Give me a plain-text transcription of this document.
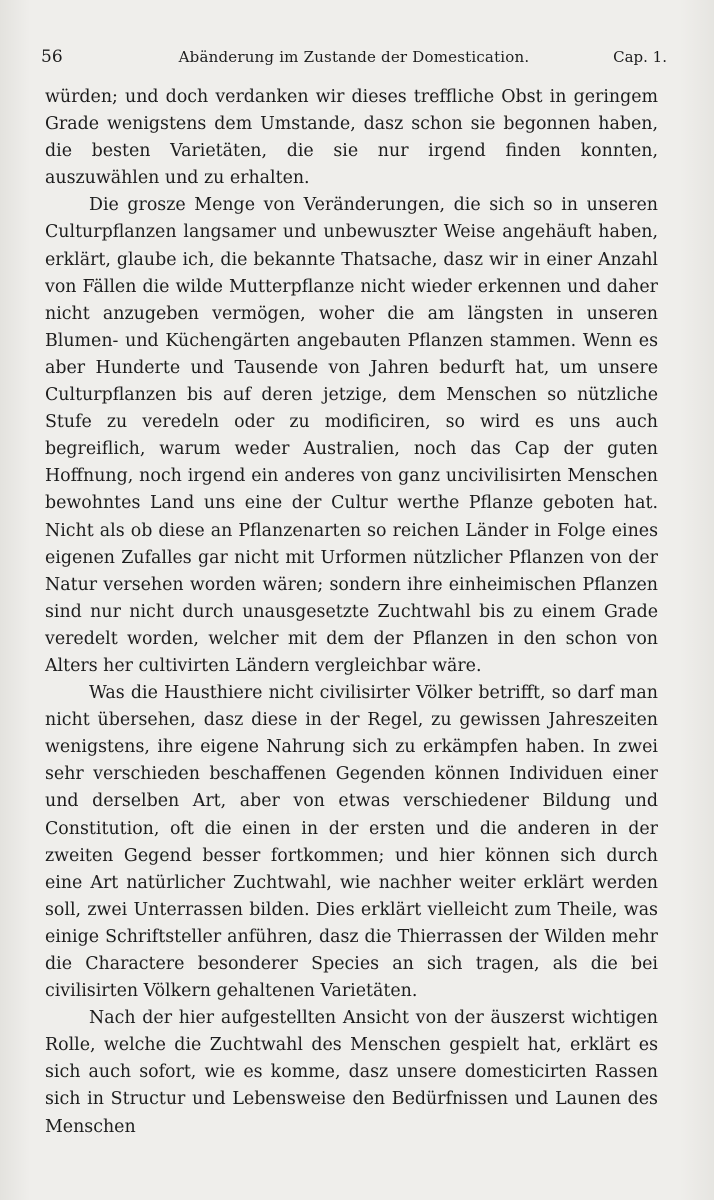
56	Abänderung im Zustande der Domestication.	Cap. 1.

würden; und doch verdanken wir dieses treffliche Obst in geringem Grade wenigstens dem Umstande, dasz schon sie begonnen haben, die besten Varietäten, die sie nur irgend finden konnten, auszuwählen und zu erhalten.

Die grosze Menge von Veränderungen, die sich so in unseren Culturpflanzen langsamer und unbewuszter Weise angehäuft haben, erklärt, glaube ich, die bekannte Thatsache, dasz wir in einer Anzahl von Fällen die wilde Mutterpflanze nicht wieder erkennen und daher nicht anzugeben vermögen, woher die am längsten in unseren Blumen- und Küchengärten angebauten Pflanzen stammen. Wenn es aber Hunderte und Tausende von Jahren bedurft hat, um unsere Culturpflanzen bis auf deren jetzige, dem Menschen so nützliche Stufe zu veredeln oder zu modificiren, so wird es uns auch begreiflich, warum weder Australien, noch das Cap der guten Hoffnung, noch irgend ein anderes von ganz uncivilisirten Menschen bewohntes Land uns eine der Cultur werthe Pflanze geboten hat. Nicht als ob diese an Pflanzenarten so reichen Länder in Folge eines eigenen Zufalles gar nicht mit Urformen nützlicher Pflanzen von der Natur versehen worden wären; sondern ihre einheimischen Pflanzen sind nur nicht durch unausgesetzte Zuchtwahl bis zu einem Grade veredelt worden, welcher mit dem der Pflanzen in den schon von Alters her cultivirten Ländern vergleichbar wäre.

Was die Hausthiere nicht civilisirter Völker betrifft, so darf man nicht übersehen, dasz diese in der Regel, zu gewissen Jahreszeiten wenigstens, ihre eigene Nahrung sich zu erkämpfen haben. In zwei sehr verschieden beschaffenen Gegenden können Individuen einer und derselben Art, aber von etwas verschiedener Bildung und Constitution, oft die einen in der ersten und die anderen in der zweiten Gegend besser fortkommen; und hier können sich durch eine Art natürlicher Zuchtwahl, wie nachher weiter erklärt werden soll, zwei Unterrassen bilden. Dies erklärt vielleicht zum Theile, was einige Schriftsteller anführen, dasz die Thierrassen der Wilden mehr die Charactere besonderer Species an sich tragen, als die bei civilisirten Völkern gehaltenen Varietäten.

Nach der hier aufgestellten Ansicht von der äuszerst wichtigen Rolle, welche die Zuchtwahl des Menschen gespielt hat, erklärt es sich auch sofort, wie es komme, dasz unsere domesticirten Rassen sich in Structur und Lebensweise den Bedürfnissen und Launen des Menschen
